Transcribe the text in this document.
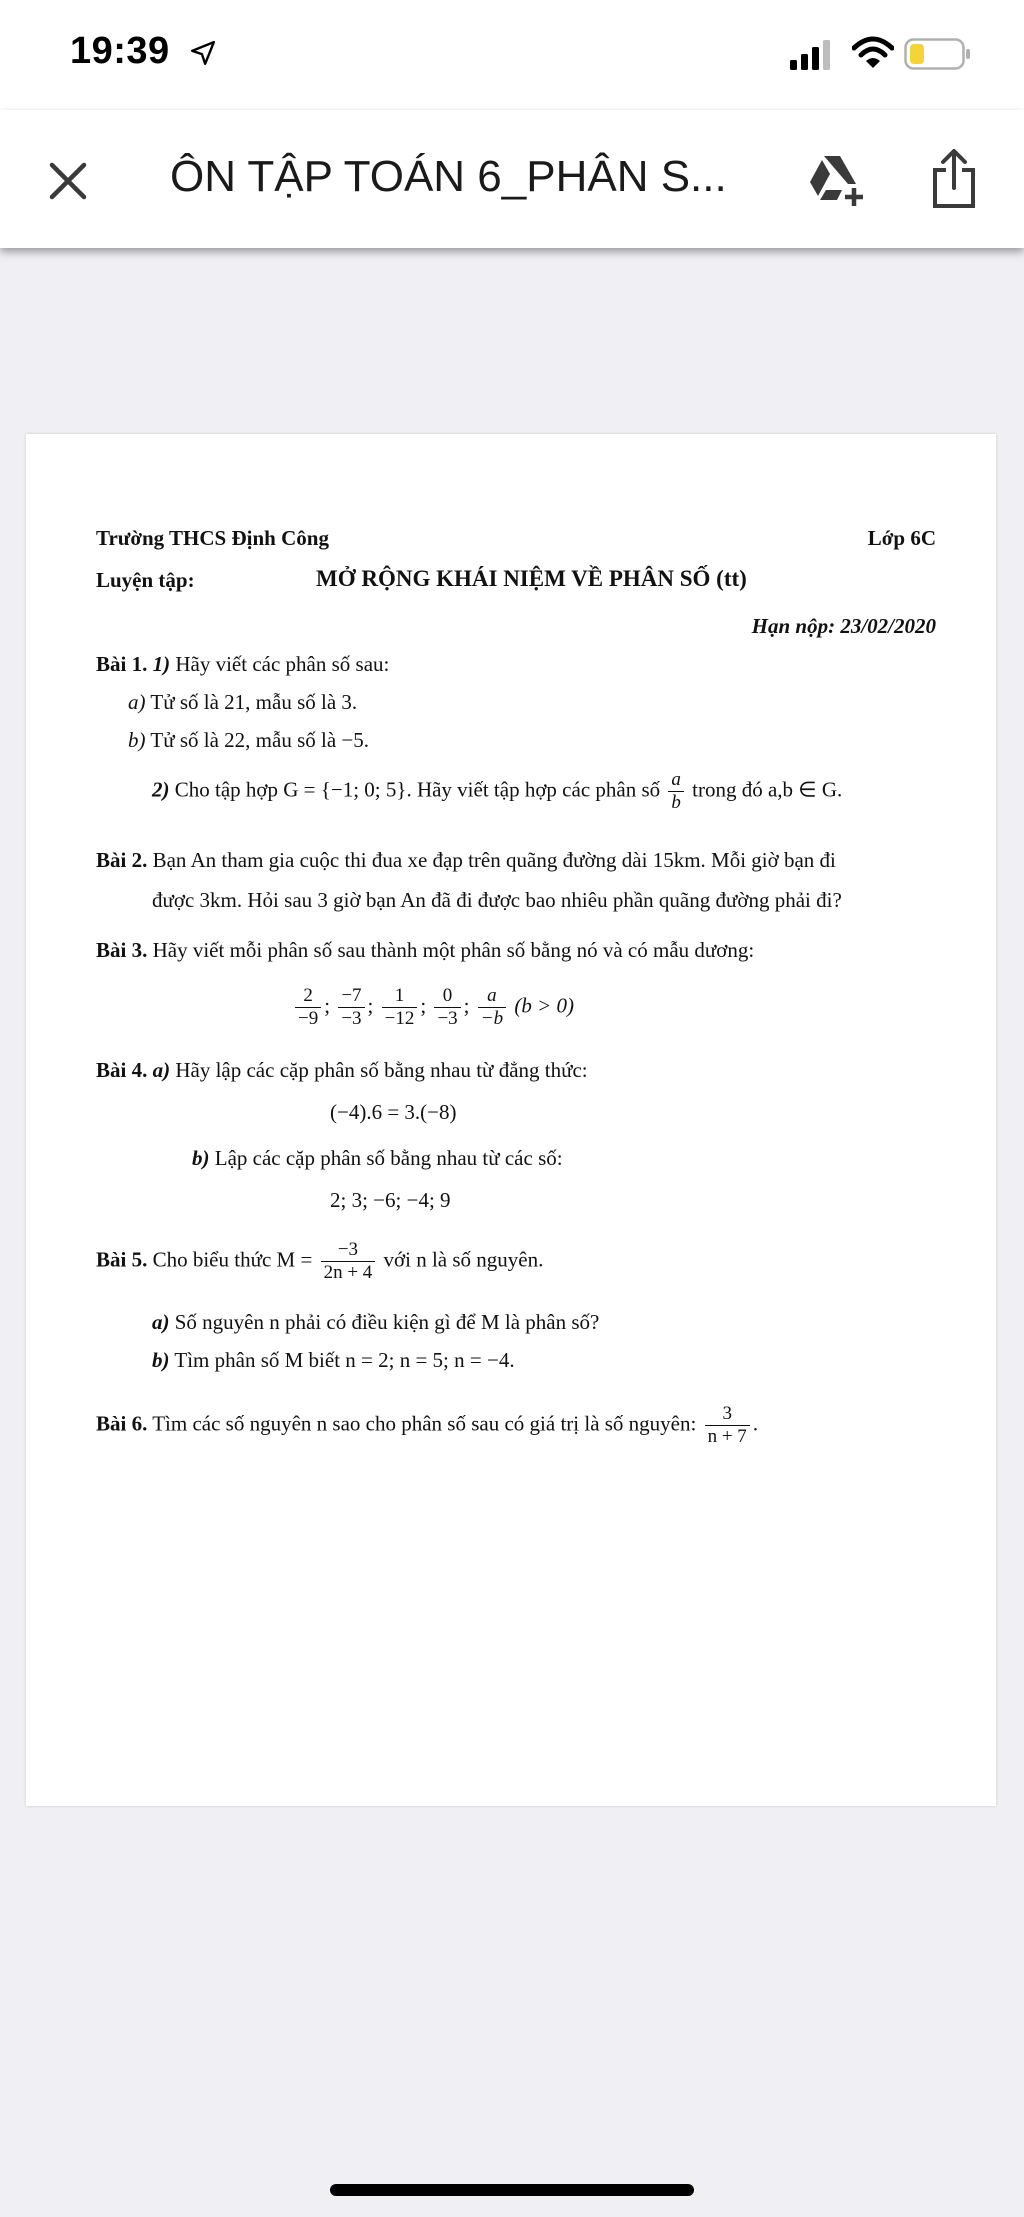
19:39
ÔN TẬP TOÁN 6_PHÂN S...
Trường THCS Định Công	Lớp 6C
Luyện tập:	MỞ RỘNG KHÁI NIỆM VỀ PHÂN SỐ (tt)
Hạn nộp: 23/02/2020
Bài 1. 1) Hãy viết các phân số sau:
a) Tử số là 21, mẫu số là 3.
b) Tử số là 22, mẫu số là −5.
2) Cho tập hợp G = {−1; 0; 5}. Hãy viết tập hợp các phân số $\frac{a}{b}$ trong đó a,b ∈ G.
Bài 2. Bạn An tham gia cuộc thi đua xe đạp trên quãng đường dài 15km. Mỗi giờ bạn đi
được 3km. Hỏi sau 3 giờ bạn An đã đi được bao nhiêu phần quãng đường phải đi?
Bài 3. Hãy viết mỗi phân số sau thành một phân số bằng nó và có mẫu dương:
$\frac{2}{-9}$ ; $\frac{-7}{-3}$ ; $\frac{1}{-12}$ ; $\frac{0}{-3}$ ; $\frac{a}{-b} (b > 0)$
Bài 4. a) Hãy lập các cặp phân số bằng nhau từ đẳng thức:
(−4).6 = 3.(−8)
b) Lập các cặp phân số bằng nhau từ các số:
2; 3; −6; −4; 9
Bài 5. Cho biểu thức $M = \frac{-3}{2n + 4}$ với n là số nguyên.
a) Số nguyên n phải có điều kiện gì để M là phân số?
b) Tìm phân số M biết n = 2; n = 5; n = −4.
Bài 6. Tìm các số nguyên n sao cho phân số sau có giá trị là số nguyên: $\frac{3}{n + 7}$ .
